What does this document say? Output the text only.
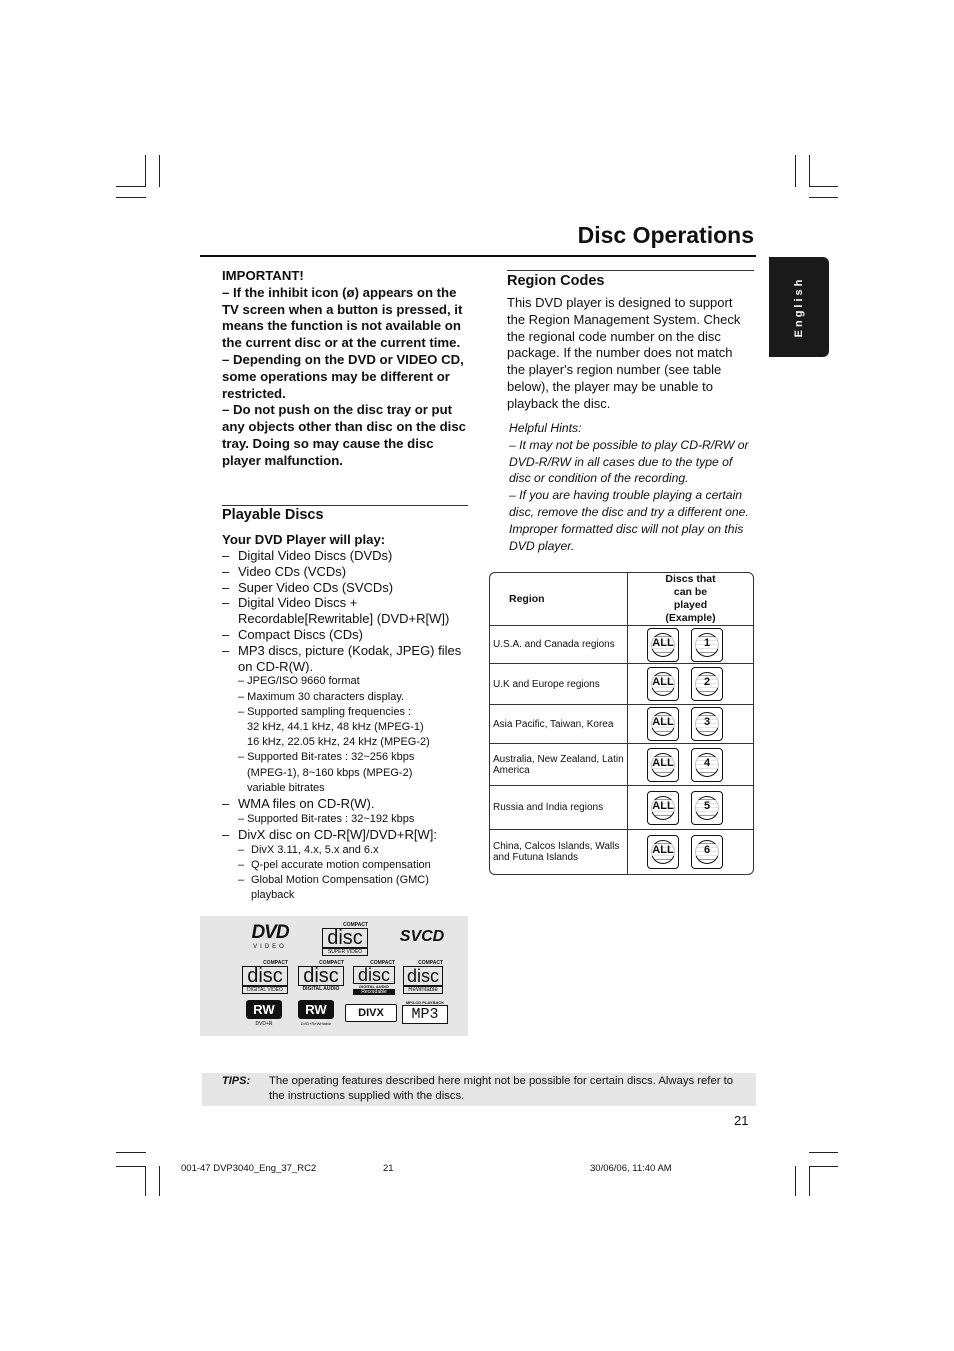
Disc Operations
English

IMPORTANT!

– If the inhibit icon (ø) appears on the TV screen when a button is pressed, it means the function is not available on the current disc or at the current time.

– Depending on the DVD or VIDEO CD, some operations may be different or restricted.

– Do not push on the disc tray or put any objects other than disc on the disc tray. Doing so may cause the disc player malfunction.

Playable Discs
Your DVD Player will play:
– Digital Video Discs (DVDs)
– Video CDs (VCDs)
– Super Video CDs (SVCDs)
– Digital Video Discs + Recordable[Rewritable] (DVD+R[W])
– Compact Discs (CDs)
– MP3 discs, picture (Kodak, JPEG) files on CD-R(W).
– JPEG/ISO 9660 format
– Maximum 30 characters display.
– Supported sampling frequencies :
32 kHz, 44.1 kHz, 48 kHz (MPEG-1)
16 kHz, 22.05 kHz, 24 kHz (MPEG-2)
– Supported Bit-rates : 32~256 kbps
(MPEG-1), 8~160 kbps (MPEG-2)
variable bitrates
– WMA files on CD-R(W).
– Supported Bit-rates : 32~192 kbps
– DivX disc on CD-R[W]/DVD+R[W]:
– DivX 3.11, 4.x, 5.x and 6.x
– Q-pel accurate motion compensation
– Global Motion Compensation (GMC)
playback
DVD
VIDEO
COMPACT
disc
SUPER VIDEO
SVCD
COMPACT
disc
DIGITAL VIDEO
COMPACT
disc
DIGITAL AUDIO
COMPACT
disc
DIGITAL AUDIO
Recordable
COMPACT
disc
ReWritable
RW
DVD+R
RW
DVD+ReWritable
DIVX
MP3-CD PLAYBACK
MP3
Region Codes
This DVD player is designed to support the Region Management System. Check the regional code number on the disc package. If the number does not match the player's region number (see table below), the player may be unable to playback the disc.

Helpful Hints:

– It may not be possible to play CD-R/RW or DVD-R/RW in all cases due to the type of disc or condition of the recording.

– If you are having trouble playing a certain disc, remove the disc and try a different one. Improper formatted disc will not play on this DVD player.

Region	Discs that can be played (Example)
U.S.A. and Canada regions	ALL 1

U.K and Europe regions	ALL 2

Asia Pacific, Taiwan, Korea	ALL 3

Australia, New Zealand, Latin America	ALL 4

Russia and India regions	ALL 5

China, Calcos Islands, Walls and Futuna Islands	ALL 6
TIPS: The operating features described here might not be possible for certain discs. Always refer to the instructions supplied with the discs.
21
001-47 DVP3040_Eng_37_RC2	21	30/06/06, 11:40 AM
